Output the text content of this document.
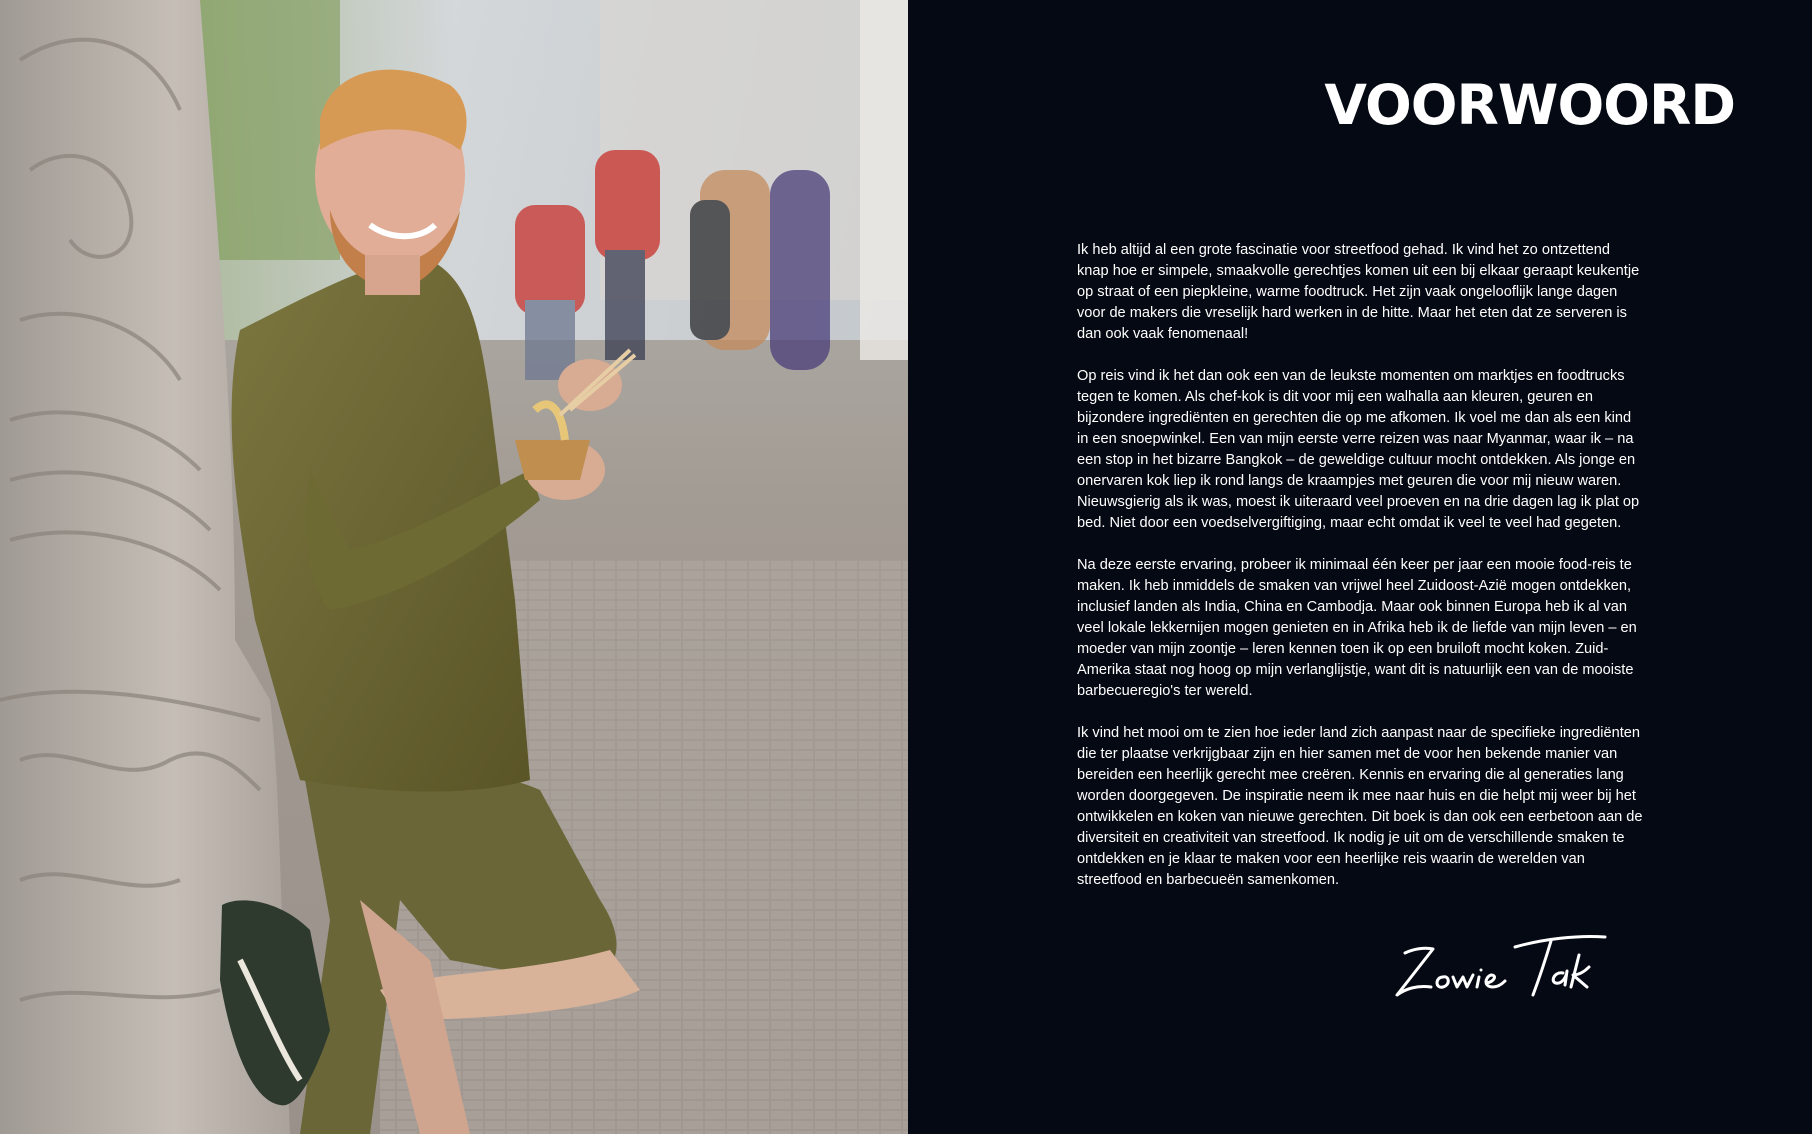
VOORWOORD

Ik heb altijd al een grote fascinatie voor streetfood gehad. Ik vind het zo ontzettend knap hoe er simpele, smaakvolle gerechtjes komen uit een bij elkaar geraapt keukentje op straat of een piepkleine, warme foodtruck. Het zijn vaak ongelooflijk lange dagen voor de makers die vreselijk hard werken in de hitte. Maar het eten dat ze serveren is dan ook vaak fenomenaal!

Op reis vind ik het dan ook een van de leukste momenten om marktjes en foodtrucks tegen te komen. Als chef-kok is dit voor mij een walhalla aan kleuren, geuren en bijzondere ingrediënten en gerechten die op me afkomen. Ik voel me dan als een kind in een snoepwinkel. Een van mijn eerste verre reizen was naar Myanmar, waar ik – na een stop in het bizarre Bangkok – de geweldige cultuur mocht ontdekken. Als jonge en onervaren kok liep ik rond langs de kraampjes met geuren die voor mij nieuw waren. Nieuwsgierig als ik was, moest ik uiteraard veel proeven en na drie dagen lag ik plat op bed. Niet door een voedselvergiftiging, maar echt omdat ik veel te veel had gegeten.

Na deze eerste ervaring, probeer ik minimaal één keer per jaar een mooie food-reis te maken. Ik heb inmiddels de smaken van vrijwel heel Zuidoost-Azië mogen ontdekken, inclusief landen als India, China en Cambodja. Maar ook binnen Europa heb ik al van veel lokale lekkernijen mogen genieten en in Afrika heb ik de liefde van mijn leven – en moeder van mijn zoontje – leren kennen toen ik op een bruiloft mocht koken. Zuid-Amerika staat nog hoog op mijn verlanglijstje, want dit is natuurlijk een van de mooiste barbecueregio's ter wereld.

Ik vind het mooi om te zien hoe ieder land zich aanpast naar de specifieke ingrediënten die ter plaatse verkrijgbaar zijn en hier samen met de voor hen bekende manier van bereiden een heerlijk gerecht mee creëren. Kennis en ervaring die al generaties lang worden doorgegeven. De inspiratie neem ik mee naar huis en die helpt mij weer bij het ontwikkelen en koken van nieuwe gerechten. Dit boek is dan ook een eerbetoon aan de diversiteit en creativiteit van streetfood. Ik nodig je uit om de verschillende smaken te ontdekken en je klaar te maken voor een heerlijke reis waarin de werelden van streetfood en barbecueën samenkomen.
